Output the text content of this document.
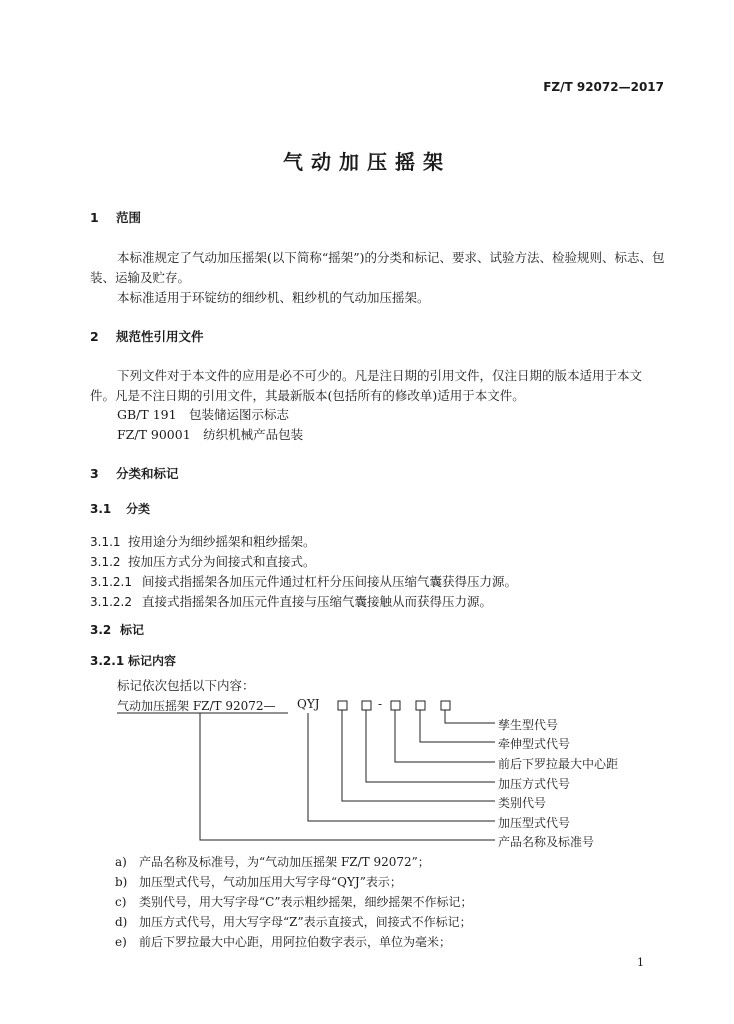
FZ/T 92072—2017
气动加压摇架
1 范围
本标准规定了气动加压摇架(以下简称“摇架”)的分类和标记、要求、试验方法、检验规则、标志、包
装、运输及贮存。
本标准适用于环锭纺的细纱机、粗纱机的气动加压摇架。
2 规范性引用文件
下列文件对于本文件的应用是必不可少的。凡是注日期的引用文件，仅注日期的版本适用于本文
件。凡是不注日期的引用文件，其最新版本(包括所有的修改单)适用于本文件。
GB/T 191　包装储运图示标志
FZ/T 90001　纺织机械产品包装
3 分类和标记
3.1 分类
3.1.1 按用途分为细纱摇架和粗纱摇架。
3.1.2 按加压方式分为间接式和直接式。
3.1.2.1 间接式指摇架各加压元件通过杠杆分压间接从压缩气囊获得压力源。
3.1.2.2 直接式指摇架各加压元件直接与压缩气囊接触从而获得压力源。
3.2 标记
3.2.1 标记内容
标记依次包括以下内容：
气动加压摇架 FZ/T 92072— QYJ	-
孳生型代号
牵伸型式代号
前后下罗拉最大中心距
加压方式代号
类别代号
加压型式代号
产品名称及标准号
a) 产品名称及标准号，为“气动加压摇架 FZ/T 92072”；
b) 加压型式代号，气动加压用大写字母“QYJ”表示；
c) 类别代号，用大写字母“C”表示粗纱摇架，细纱摇架不作标记；
d) 加压方式代号，用大写字母“Z”表示直接式，间接式不作标记；
e) 前后下罗拉最大中心距，用阿拉伯数字表示，单位为毫米；
1
